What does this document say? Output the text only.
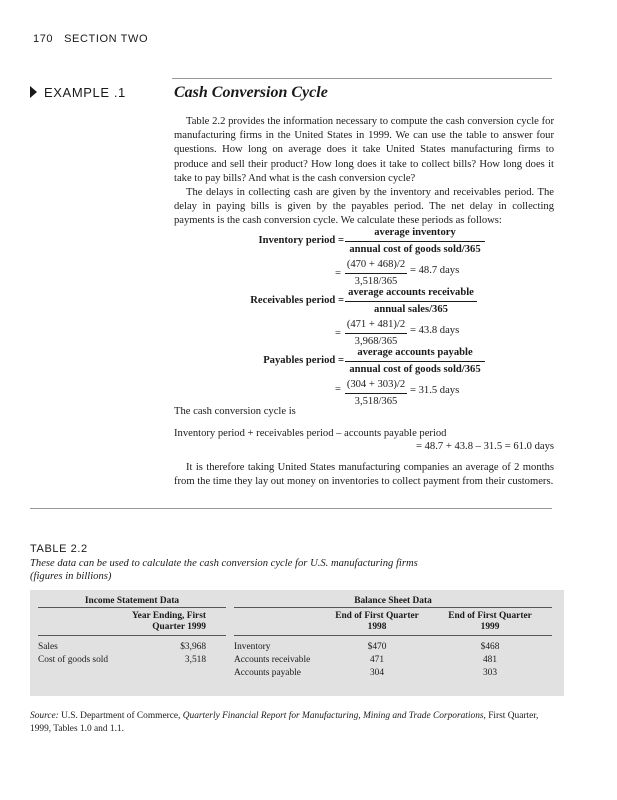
170 SECTION TWO
EXAMPLE .1	Cash Conversion Cycle
Table 2.2 provides the information necessary to compute the cash conversion cycle for manufacturing firms in the United States in 1999. We can use the table to answer four questions. How long on average does it take United States manufacturing firms to produce and sell their product? How long does it take to collect bills? How long does it take to pay bills? And what is the cash conversion cycle?
The delays in collecting cash are given by the inventory and receivables period. The delay in paying bills is given by the payables period. The net delay in collecting payments is the cash conversion cycle. We calculate these periods as follows:
Inventory period =
average inventory
annual cost of goods sold/365
=
(470 + 468)/2
3,518/365
= 48.7 days
Receivables period =
average accounts receivable
annual sales/365
=
(471 + 481)/2
3,968/365
= 43.8 days
Payables period =
average accounts payable
annual cost of goods sold/365
= (304 + 303)/2
3,518/365
= 31.5 days
The cash conversion cycle is
Inventory period + receivables period – accounts payable period
= 48.7 + 43.8 – 31.5 = 61.0 days
It is therefore taking United States manufacturing companies an average of 2 months from the time they lay out money on inventories to collect payment from their customers.
TABLE 2.2
These data can be used to calculate the cash conversion cycle for U.S. manufacturing firms (figures in billions)
Income Statement Data	Balance Sheet Data
Year Ending, First Quarter 1999
End of First Quarter 1998
End of First Quarter 1999
Sales	$3,968
Cost of goods sold	3,518
Inventory	$470	$468
Accounts receivable	471	481
Accounts payable	304	303
Source: U.S. Department of Commerce, Quarterly Financial Report for Manufacturing, Mining and Trade Corporations, First Quarter, 1999, Tables 1.0 and 1.1.
